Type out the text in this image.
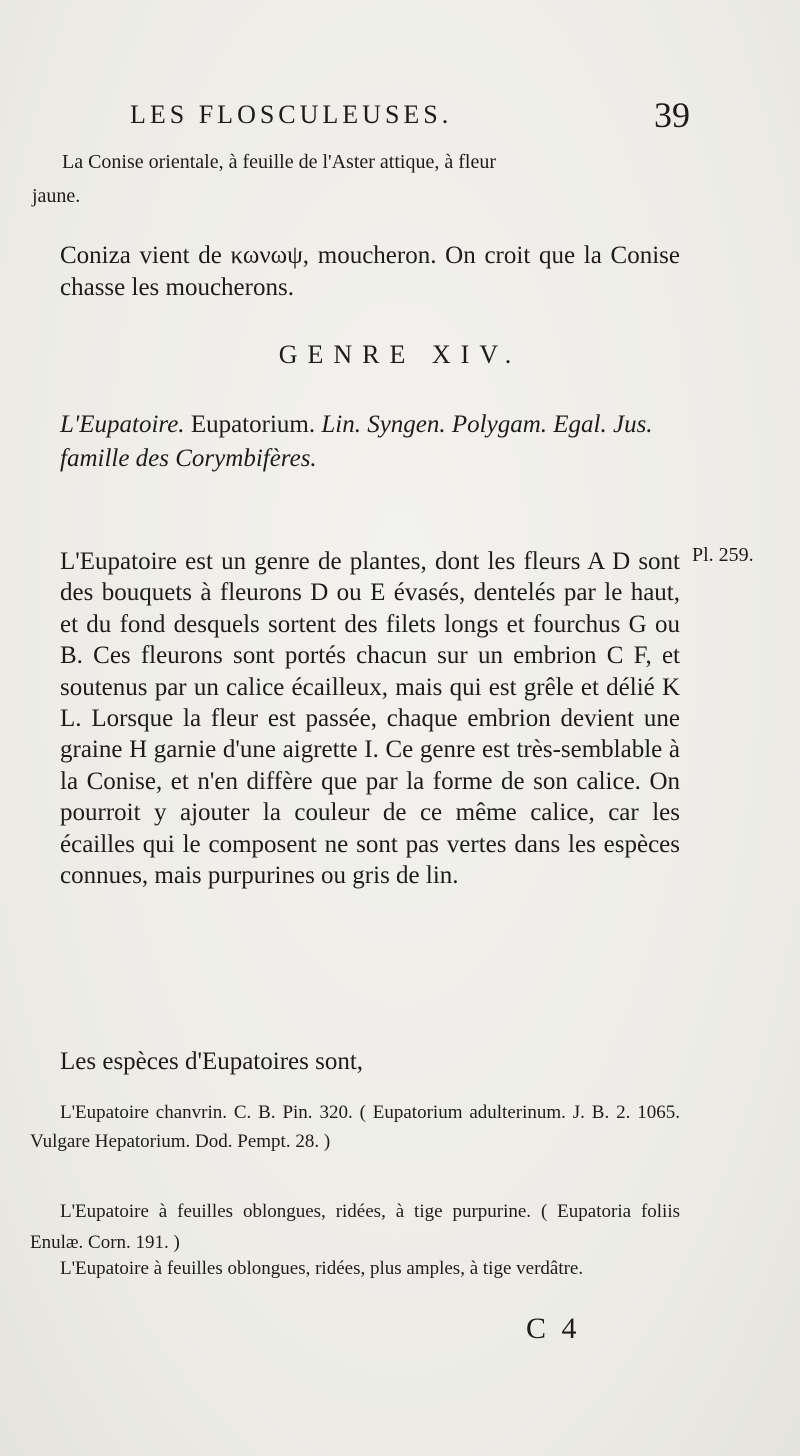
LES FLOSCULEUSES.	39
La Conise orientale, à feuille de l'Aster attique, à fleur
jaune.
Coniza vient de κωνωψ, moucheron. On croit que la Conise chasse les moucherons.
GENRE XIV.
L'Eupatoire. Eupatorium. Lin. Syngen. Polygam. Egal. Jus. famille des Corymbifères.
Pl. 259.
L'Eupatoire est un genre de plantes, dont les fleurs A D sont des bouquets à fleurons D ou E évasés, dentelés par le haut, et du fond desquels sortent des filets longs et fourchus G ou B. Ces fleurons sont portés chacun sur un embrion C F, et soutenus par un calice écailleux, mais qui est grêle et délié K L. Lorsque la fleur est passée, chaque embrion devient une graine H garnie d'une aigrette I. Ce genre est très-semblable à la Conise, et n'en diffère que par la forme de son calice. On pourroit y ajouter la couleur de ce même calice, car les écailles qui le composent ne sont pas vertes dans les espèces connues, mais purpurines ou gris de lin.
Les espèces d'Eupatoires sont,
L'Eupatoire chanvrin. C. B. Pin. 320. ( Eupatorium adulterinum. J. B. 2. 1065. Vulgare Hepatorium. Dod. Pempt. 28. )
L'Eupatoire à feuilles oblongues, ridées, à tige purpurine. ( Eupatoria foliis Enulæ. Corn. 191. )
L'Eupatoire à feuilles oblongues, ridées, plus amples, à tige verdâtre.
C 4
